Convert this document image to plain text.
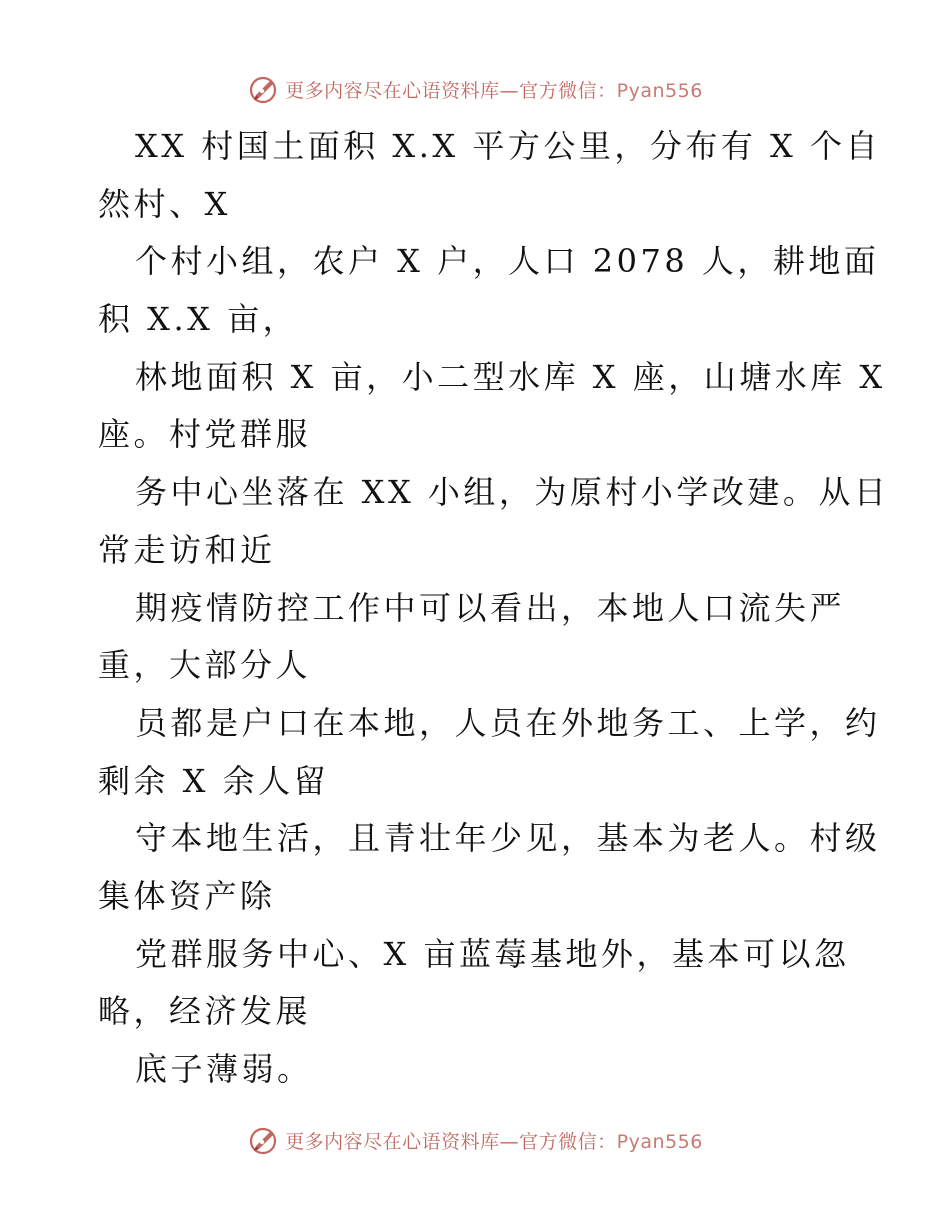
更多内容尽在心语资料库—官方微信：Pyan556
XX 村国土面积 X.X 平方公里，分布有 X 个自
然村、X
个村小组，农户 X 户，人口 2078 人，耕地面
积 X.X 亩，
林地面积 X 亩，小二型水库 X 座，山塘水库 X
座。村党群服
务中心坐落在 XX 小组，为原村小学改建。从日
常走访和近
期疫情防控工作中可以看出，本地人口流失严
重，大部分人
员都是户口在本地，人员在外地务工、上学，约
剩余 X 余人留
守本地生活，且青壮年少见，基本为老人。村级
集体资产除
党群服务中心、X 亩蓝莓基地外，基本可以忽
略，经济发展
底子薄弱。
更多内容尽在心语资料库—官方微信：Pyan556
